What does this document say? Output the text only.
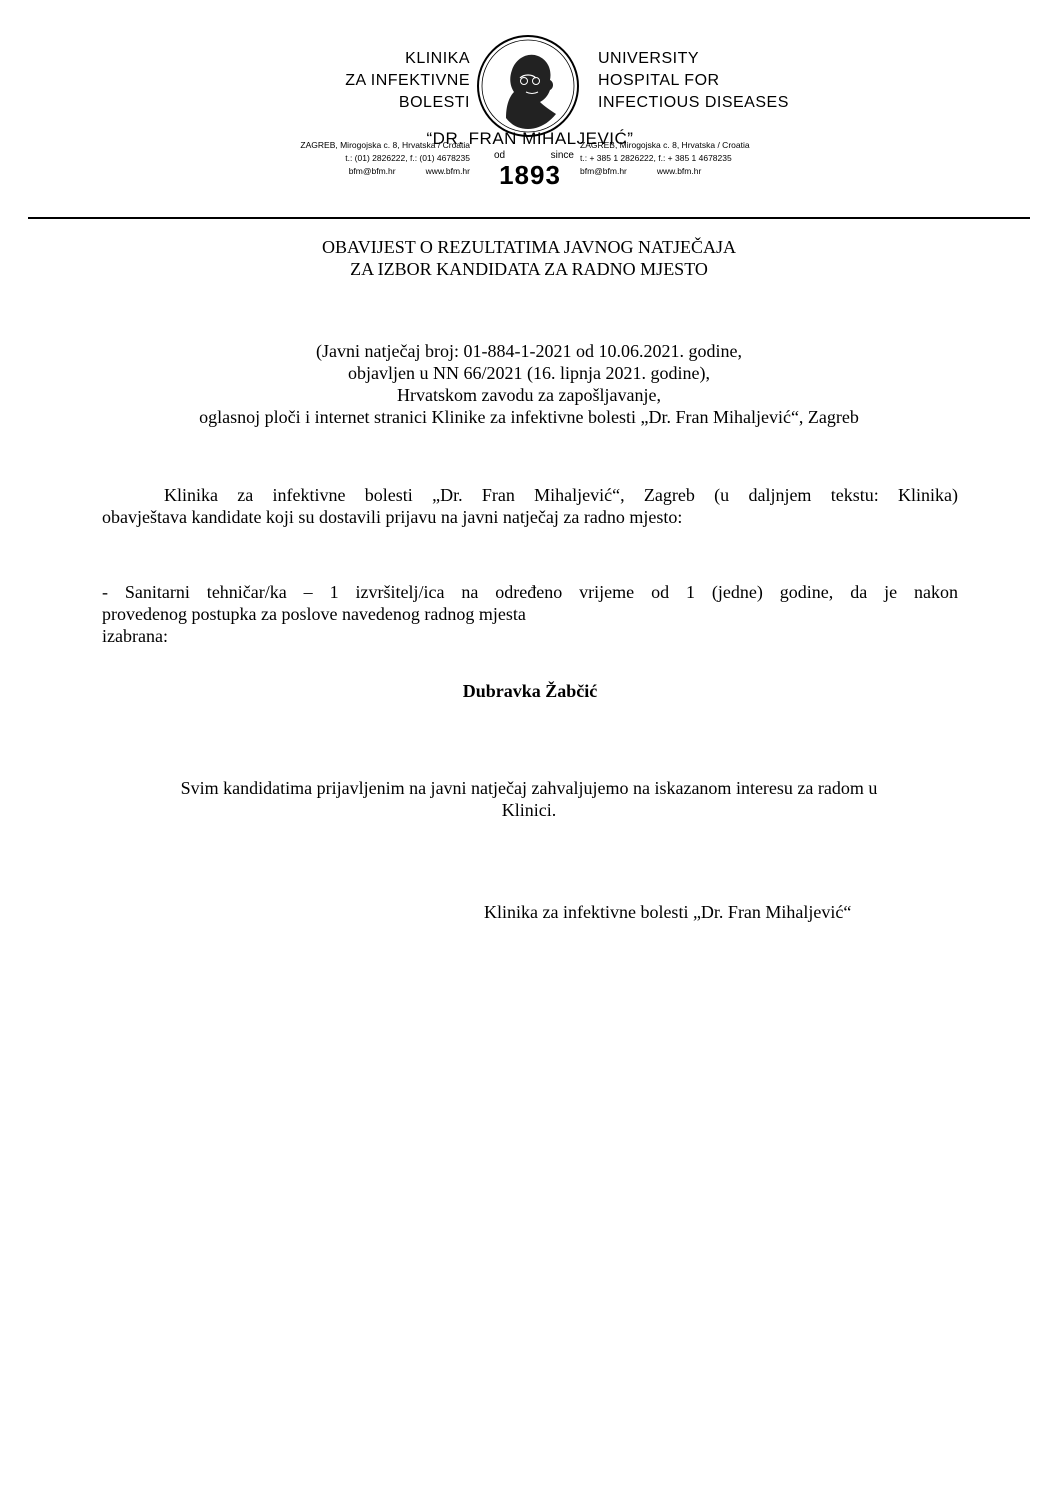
KLINIKA
ZA INFEKTIVNE
BOLESTI
UNIVERSITY
HOSPITAL FOR
INFECTIOUS DISEASES
“DR. FRAN MIHALJEVIĆ”
ZAGREB, Mirogojska c. 8, Hrvatska / Croatia
t.: (01) 2826222, f.: (01) 4678235
bfm@bfm.hr	www.bfm.hr
od	since
1893
ZAGREB, Mirogojska c. 8, Hrvatska / Croatia
t.: + 385 1 2826222, f.: + 385 1 4678235
bfm@bfm.hr	www.bfm.hr
OBAVIJEST O REZULTATIMA JAVNOG NATJEČAJA
ZA IZBOR KANDIDATA ZA RADNO MJESTO
(Javni natječaj broj: 01-884-1-2021 od 10.06.2021. godine,
objavljen u NN 66/2021 (16. lipnja 2021. godine),
Hrvatskom zavodu za zapošljavanje,
oglasnoj ploči i internet stranici Klinike za infektivne bolesti „Dr. Fran Mihaljević“, Zagreb
Klinika za infektivne bolesti „Dr. Fran Mihaljević“, Zagreb (u daljnjem tekstu: Klinika)
obavještava kandidate koji su dostavili prijavu na javni natječaj za radno mjesto:
- Sanitarni tehničar/ka – 1 izvršitelj/ica na određeno vrijeme od 1 (jedne) godine, da je nakon
provedenog postupka za poslove navedenog radnog mjesta
izabrana:
Dubravka Žabčić
Svim kandidatima prijavljenim na javni natječaj zahvaljujemo na iskazanom interesu za radom u
Klinici.
Klinika za infektivne bolesti „Dr. Fran Mihaljević“
